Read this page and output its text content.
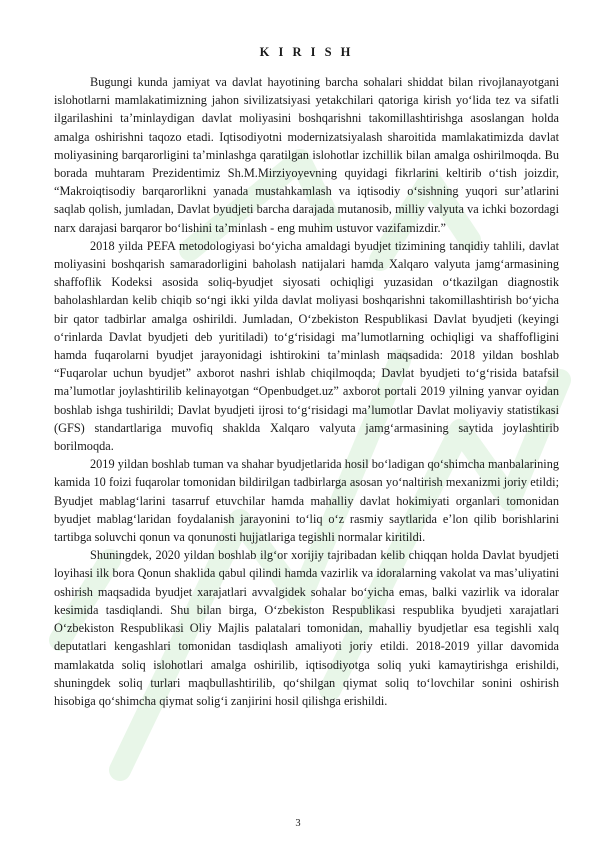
K I R I S H

Bugungi kunda jamiyat va davlat hayotining barcha sohalari shiddat bilan rivojlanayotgani islohotlarni mamlakatimizning jahon sivilizatsiyasi yetakchilari qatoriga kirish yo‘lida tez va sifatli ilgarilashini ta’minlaydigan davlat moliyasini boshqarishni takomillashtirishga asoslangan holda amalga oshirishni taqozo etadi. Iqtisodiyotni modernizatsiyalash sharoitida mamlakatimizda davlat moliyasining barqarorligini ta’minlashga qaratilgan islohotlar izchillik bilan amalga oshirilmoqda. Bu borada muhtaram Prezidentimiz Sh.M.Mirziyoyevning quyidagi fikrlarini keltirib o‘tish joizdir, “Makroiqtisodiy barqarorlikni yanada mustahkamlash va iqtisodiy o‘sishning yuqori sur’atlarini saqlab qolish, jumladan, Davlat byudjeti barcha darajada mutanosib, milliy valyuta va ichki bozordagi narx darajasi barqaror bo‘lishini ta’minlash - eng muhim ustuvor vazifamizdir.”

2018 yilda PEFA metodologiyasi bo‘yicha amaldagi byudjet tizimining tanqidiy tahlili, davlat moliyasini boshqarish samaradorligini baholash natijalari hamda Xalqaro valyuta jamg‘armasining shaffoflik Kodeksi asosida soliq-byudjet siyosati ochiqligi yuzasidan o‘tkazilgan diagnostik baholashlardan kelib chiqib so‘ngi ikki yilda davlat moliyasi boshqarishni takomillashtirish bo‘yicha bir qator tadbirlar amalga oshirildi. Jumladan, O‘zbekiston Respublikasi Davlat byudjeti (keyingi o‘rinlarda Davlat byudjeti deb yuritiladi) to‘g‘risidagi ma’lumotlarning ochiqligi va shaffofligini hamda fuqarolarni byudjet jarayonidagi ishtirokini ta’minlash maqsadida: 2018 yildan boshlab “Fuqarolar uchun byudjet” axborot nashri ishlab chiqilmoqda; Davlat byudjeti to‘g‘risida batafsil ma’lumotlar joylashtirilib kelinayotgan “Openbudget.uz” axborot portali 2019 yilning yanvar oyidan boshlab ishga tushirildi; Davlat byudjeti ijrosi to‘g‘risidagi ma’lumotlar Davlat moliyaviy statistikasi (GFS) standartlariga muvofiq shaklda Xalqaro valyuta jamg‘armasining saytida joylashtirib borilmoqda.

2019 yildan boshlab tuman va shahar byudjetlarida hosil bo‘ladigan qo‘shimcha manbalarining kamida 10 foizi fuqarolar tomonidan bildirilgan tadbirlarga asosan yo‘naltirish mexanizmi joriy etildi; Byudjet mablag‘larini tasarruf etuvchilar hamda mahalliy davlat hokimiyati organlari tomonidan byudjet mablag‘laridan foydalanish jarayonini to‘liq o‘z rasmiy saytlarida e’lon qilib borishlarini tartibga soluvchi qonun va qonunosti hujjatlariga tegishli normalar kiritildi.

Shuningdek, 2020 yildan boshlab ilg‘or xorijiy tajribadan kelib chiqqan holda Davlat byudjeti loyihasi ilk bora Qonun shaklida qabul qilindi hamda vazirlik va idoralarning vakolat va mas’uliyatini oshirish maqsadida byudjet xarajatlari avvalgidek sohalar bo‘yicha emas, balki vazirlik va idoralar kesimida tasdiqlandi. Shu bilan birga, O‘zbekiston Respublikasi respublika byudjeti xarajatlari O‘zbekiston Respublikasi Oliy Majlis palatalari tomonidan, mahalliy byudjetlar esa tegishli xalq deputatlari kengashlari tomonidan tasdiqlash amaliyoti joriy etildi. 2018-2019 yillar davomida mamlakatda soliq islohotlari amalga oshirilib, iqtisodiyotga soliq yuki kamaytirishga erishildi, shuningdek soliq turlari maqbullashtirilib, qo‘shilgan qiymat soliq to‘lovchilar sonini oshirish hisobiga qo‘shimcha qiymat solig‘i zanjirini hosil qilishga erishildi.

3
